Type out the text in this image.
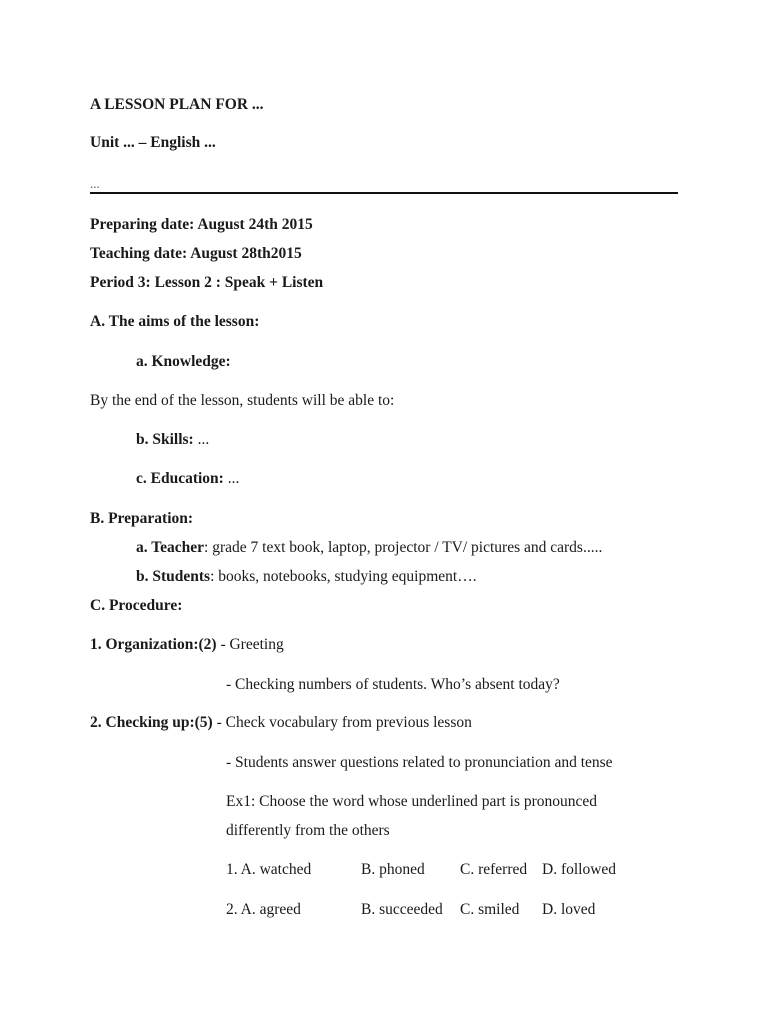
A LESSON PLAN FOR ...
Unit ... – English ...
...
Preparing date: August 24th 2015
Teaching date: August 28th2015
Period 3: Lesson 2 : Speak + Listen
A. The aims of the lesson:
a. Knowledge:
By the end of the lesson, students will be able to:
b. Skills: ...
c. Education: ...
B. Preparation:
a. Teacher: grade 7 text book, laptop, projector / TV/ pictures and cards.....
b. Students: books, notebooks, studying equipment….
C. Procedure:
1. Organization:(2) - Greeting
- Checking numbers of students. Who’s absent today?
2. Checking up:(5) - Check vocabulary from previous lesson
- Students answer questions related to pronunciation and tense
Ex1: Choose the word whose underlined part is pronounced
differently from the others
1. A. watched	B. phoned C. referred D. followed
2. A. agreed	B. succeeded C. smiled D. loved
